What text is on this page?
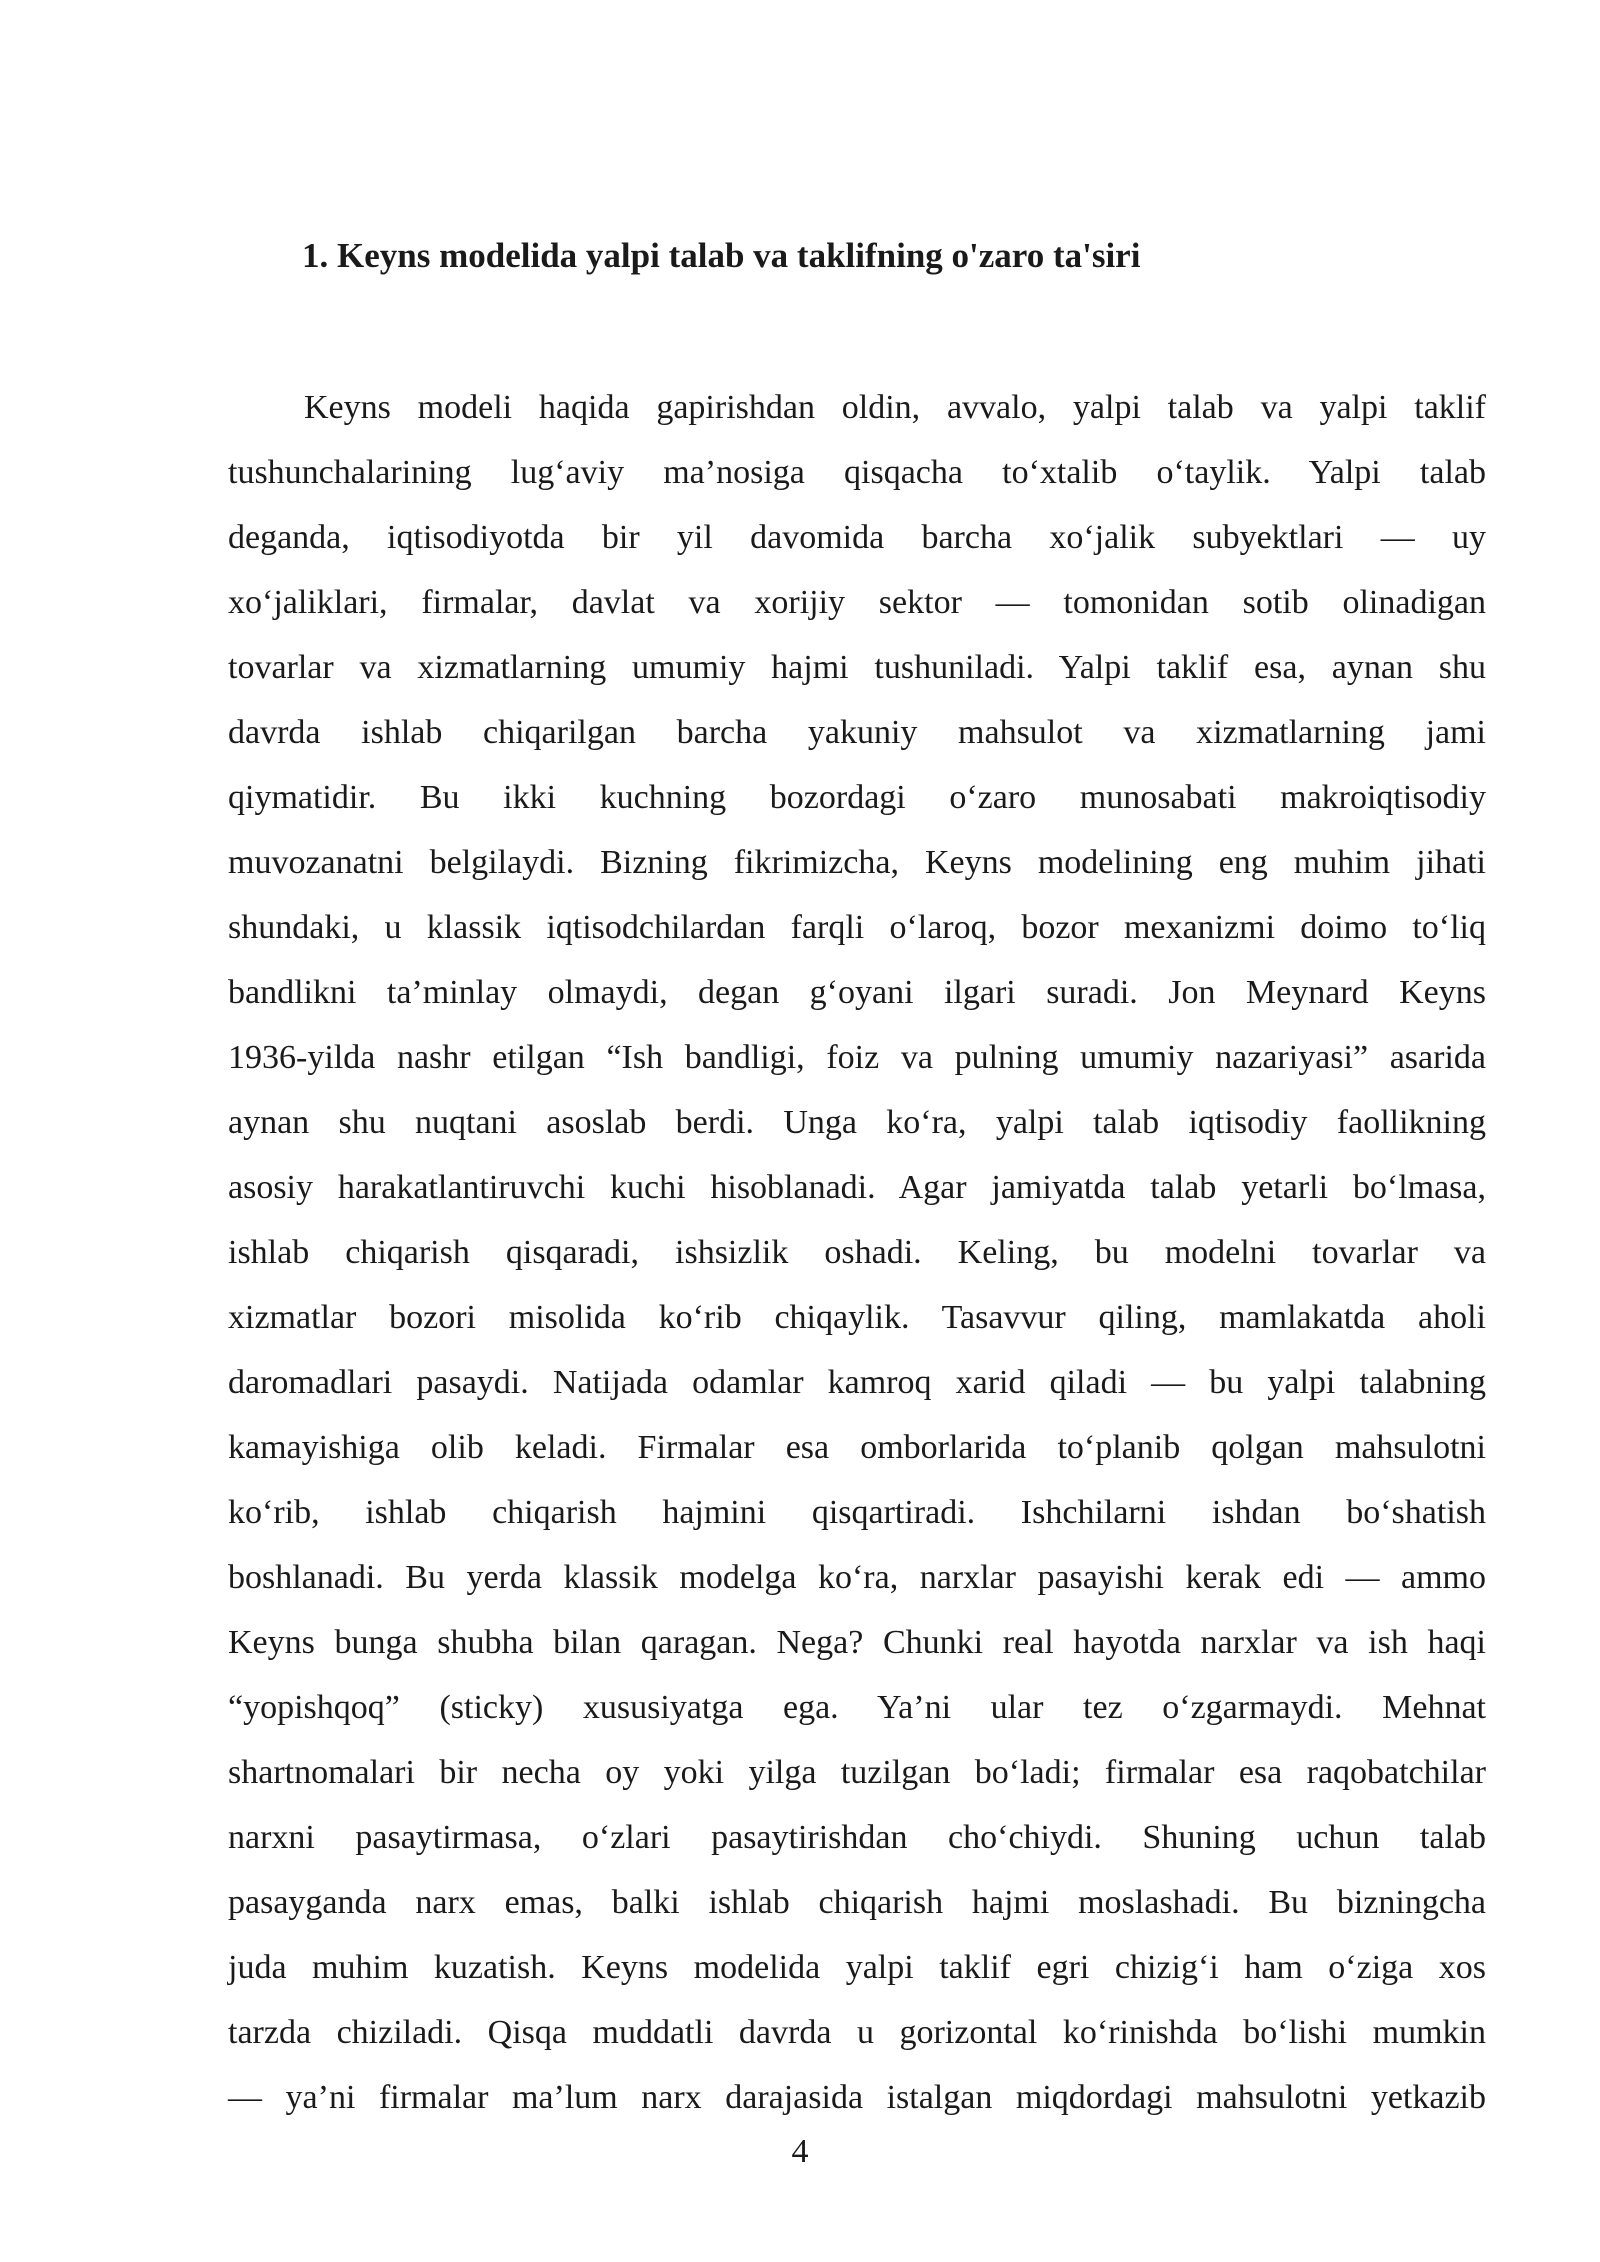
1. Keyns modelida yalpi talab va taklifning o'zaro ta'siri
Keyns modeli haqida gapirishdan oldin, avvalo, yalpi talab va yalpi taklif
tushunchalarining lug‘aviy ma’nosiga qisqacha to‘xtalib o‘taylik. Yalpi talab
deganda, iqtisodiyotda bir yil davomida barcha xo‘jalik subyektlari — uy
xo‘jaliklari, firmalar, davlat va xorijiy sektor — tomonidan sotib olinadigan
tovarlar va xizmatlarning umumiy hajmi tushuniladi. Yalpi taklif esa, aynan shu
davrda ishlab chiqarilgan barcha yakuniy mahsulot va xizmatlarning jami
qiymatidir. Bu ikki kuchning bozordagi o‘zaro munosabati makroiqtisodiy
muvozanatni belgilaydi. Bizning fikrimizcha, Keyns modelining eng muhim jihati
shundaki, u klassik iqtisodchilardan farqli o‘laroq, bozor mexanizmi doimo to‘liq
bandlikni ta’minlay olmaydi, degan g‘oyani ilgari suradi. Jon Meynard Keyns
1936-yilda nashr etilgan “Ish bandligi, foiz va pulning umumiy nazariyasi” asarida
aynan shu nuqtani asoslab berdi. Unga ko‘ra, yalpi talab iqtisodiy faollikning
asosiy harakatlantiruvchi kuchi hisoblanadi. Agar jamiyatda talab yetarli bo‘lmasa,
ishlab chiqarish qisqaradi, ishsizlik oshadi. Keling, bu modelni tovarlar va
xizmatlar bozori misolida ko‘rib chiqaylik. Tasavvur qiling, mamlakatda aholi
daromadlari pasaydi. Natijada odamlar kamroq xarid qiladi — bu yalpi talabning
kamayishiga olib keladi. Firmalar esa omborlarida to‘planib qolgan mahsulotni
ko‘rib, ishlab chiqarish hajmini qisqartiradi. Ishchilarni ishdan bo‘shatish
boshlanadi. Bu yerda klassik modelga ko‘ra, narxlar pasayishi kerak edi — ammo
Keyns bunga shubha bilan qaragan. Nega? Chunki real hayotda narxlar va ish haqi
“yopishqoq” (sticky) xususiyatga ega. Ya’ni ular tez o‘zgarmaydi. Mehnat
shartnomalari bir necha oy yoki yilga tuzilgan bo‘ladi; firmalar esa raqobatchilar
narxni pasaytirmasa, o‘zlari pasaytirishdan cho‘chiydi. Shuning uchun talab
pasayganda narx emas, balki ishlab chiqarish hajmi moslashadi. Bu bizningcha
juda muhim kuzatish. Keyns modelida yalpi taklif egri chizig‘i ham o‘ziga xos
tarzda chiziladi. Qisqa muddatli davrda u gorizontal ko‘rinishda bo‘lishi mumkin
— ya’ni firmalar ma’lum narx darajasida istalgan miqdordagi mahsulotni yetkazib
4
